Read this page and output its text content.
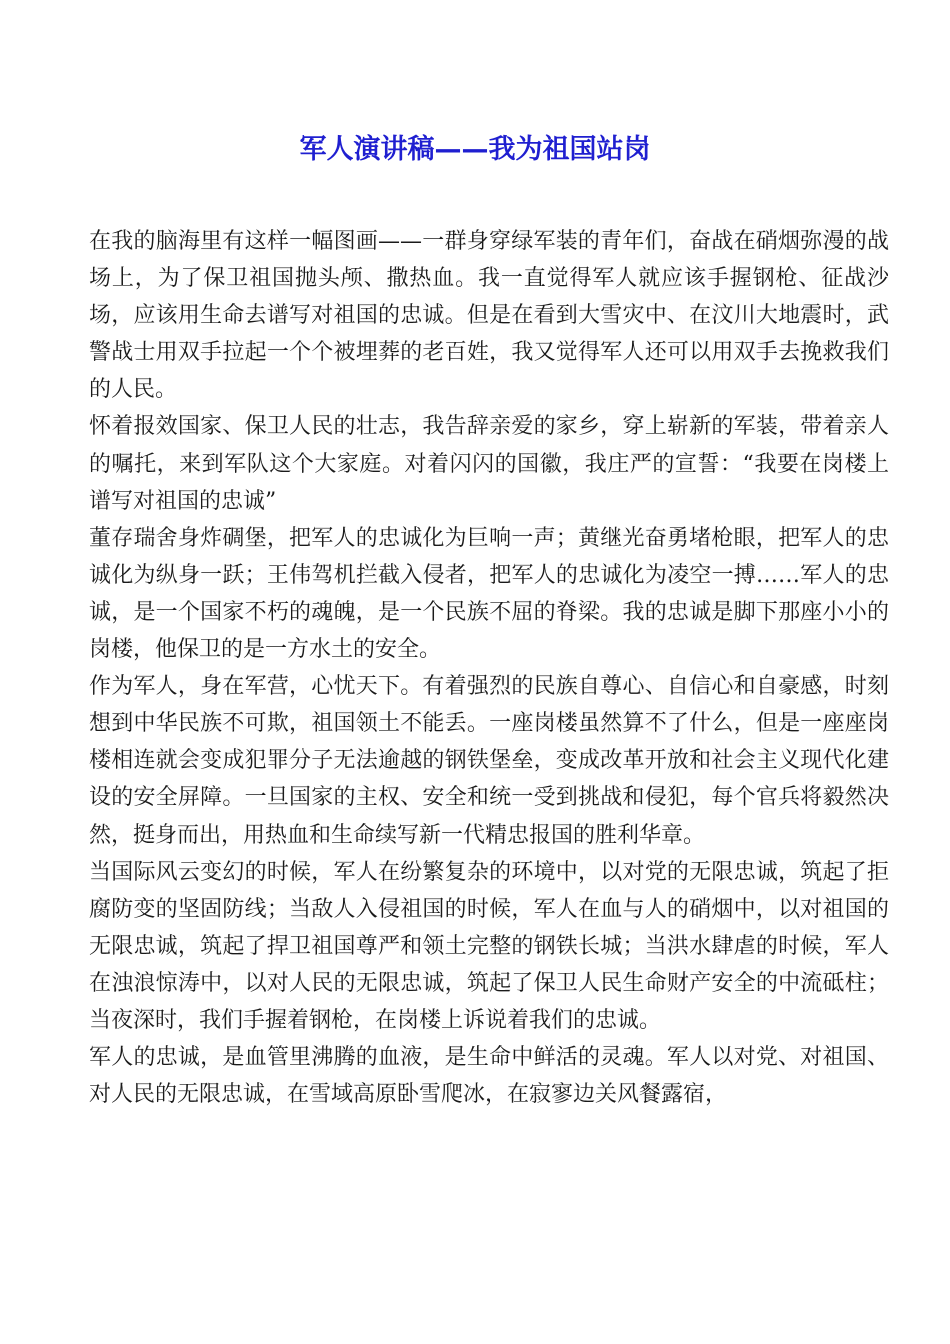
军人演讲稿——我为祖国站岗

在我的脑海里有这样一幅图画——一群身穿绿军装的青年们，奋战在硝烟弥漫的战场上，为了保卫祖国抛头颅、撒热血。我一直觉得军人就应该手握钢枪、征战沙场，应该用生命去谱写对祖国的忠诚。但是在看到大雪灾中、在汶川大地震时，武警战士用双手拉起一个个被埋葬的老百姓，我又觉得军人还可以用双手去挽救我们的人民。

怀着报效国家、保卫人民的壮志，我告辞亲爱的家乡，穿上崭新的军装，带着亲人的嘱托，来到军队这个大家庭。对着闪闪的国徽，我庄严的宣誓：“我要在岗楼上谱写对祖国的忠诚”

董存瑞舍身炸碉堡，把军人的忠诚化为巨响一声；黄继光奋勇堵枪眼，把军人的忠诚化为纵身一跃；王伟驾机拦截入侵者，把军人的忠诚化为凌空一搏……军人的忠诚，是一个国家不朽的魂魄，是一个民族不屈的脊梁。我的忠诚是脚下那座小小的岗楼，他保卫的是一方水土的安全。

作为军人，身在军营，心忧天下。有着强烈的民族自尊心、自信心和自豪感，时刻想到中华民族不可欺，祖国领土不能丢。一座岗楼虽然算不了什么，但是一座座岗楼相连就会变成犯罪分子无法逾越的钢铁堡垒，变成改革开放和社会主义现代化建设的安全屏障。一旦国家的主权、安全和统一受到挑战和侵犯，每个官兵将毅然决然，挺身而出，用热血和生命续写新一代精忠报国的胜利华章。

当国际风云变幻的时候，军人在纷繁复杂的环境中，以对党的无限忠诚，筑起了拒腐防变的坚固防线；当敌人入侵祖国的时候，军人在血与人的硝烟中，以对祖国的无限忠诚，筑起了捍卫祖国尊严和领土完整的钢铁长城；当洪水肆虐的时候，军人在浊浪惊涛中，以对人民的无限忠诚，筑起了保卫人民生命财产安全的中流砥柱；当夜深时，我们手握着钢枪，在岗楼上诉说着我们的忠诚。

军人的忠诚，是血管里沸腾的血液，是生命中鲜活的灵魂。军人以对党、对祖国、对人民的无限忠诚，在雪域高原卧雪爬冰，在寂寥边关风餐露宿，
